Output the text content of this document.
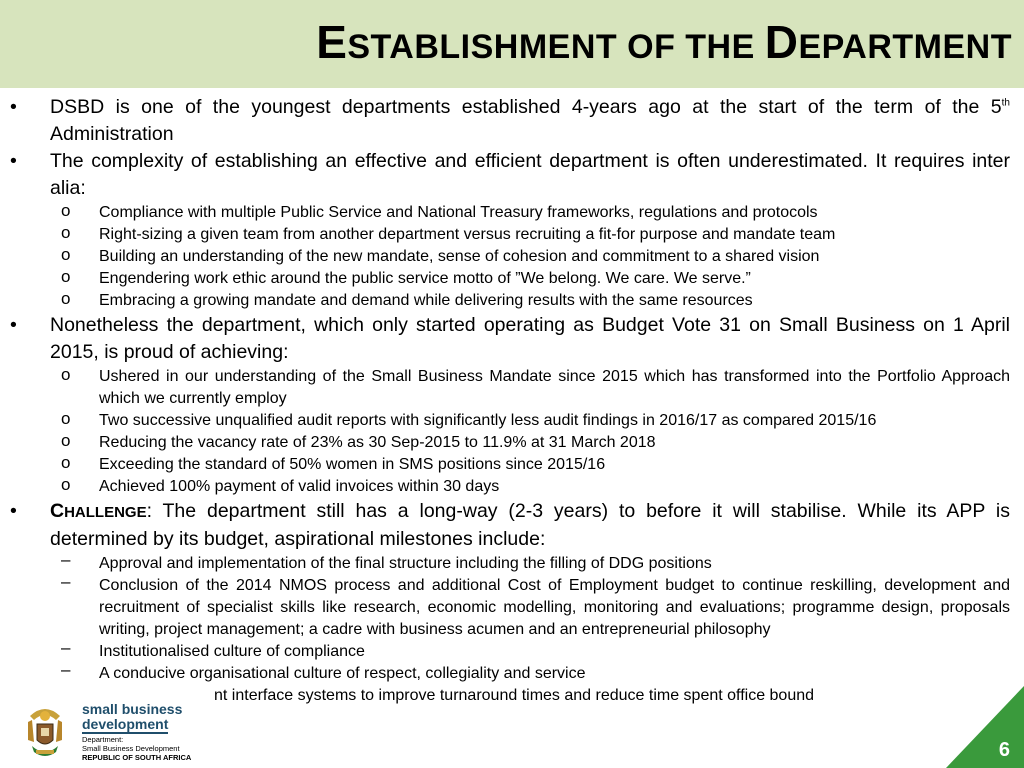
ESTABLISHMENT OF THE DEPARTMENT
• DSBD is one of the youngest departments established 4-years ago at the start of the term of the 5th Administration
• The complexity of establishing an effective and efficient department is often underestimated. It requires inter alia:
o Compliance with multiple Public Service and National Treasury frameworks, regulations and protocols
o Right-sizing a given team from another department versus recruiting a fit-for purpose and mandate team
o Building an understanding of the new mandate, sense of cohesion and commitment to a shared vision
o Engendering work ethic around the public service motto of ”We belong. We care. We serve.”
o Embracing a growing mandate and demand while delivering results with the same resources
• Nonetheless the department, which only started operating as Budget Vote 31 on Small Business on 1 April 2015, is proud of achieving:
o Ushered in our understanding of the Small Business Mandate since 2015 which has transformed into the Portfolio Approach which we currently employ
o Two successive unqualified audit reports with significantly less audit findings in 2016/17 as compared 2015/16
o Reducing the vacancy rate of 23% as 30 Sep-2015 to 11.9% at 31 March 2018
o Exceeding the standard of 50% women in SMS positions since 2015/16
o Achieved 100% payment of valid invoices within 30 days
• CHALLENGE: The department still has a long-way (2-3 years) to before it will stabilise. While its APP is determined by its budget, aspirational milestones include:
– Approval and implementation of the final structure including the filling of DDG positions
– Conclusion of the 2014 NMOS process and additional Cost of Employment budget to continue reskilling, development and recruitment of specialist skills like research, economic modelling, monitoring and evaluations; programme design, proposals writing, project management; a cadre with business acumen and an entrepreneurial philosophy
– Institutionalised culture of compliance
– A conducive organisational culture of respect, collegiality and service
nt interface systems to improve turnaround times and reduce time spent office bound
small business
development
Department:
Small Business Development
REPUBLIC OF SOUTH AFRICA	6
